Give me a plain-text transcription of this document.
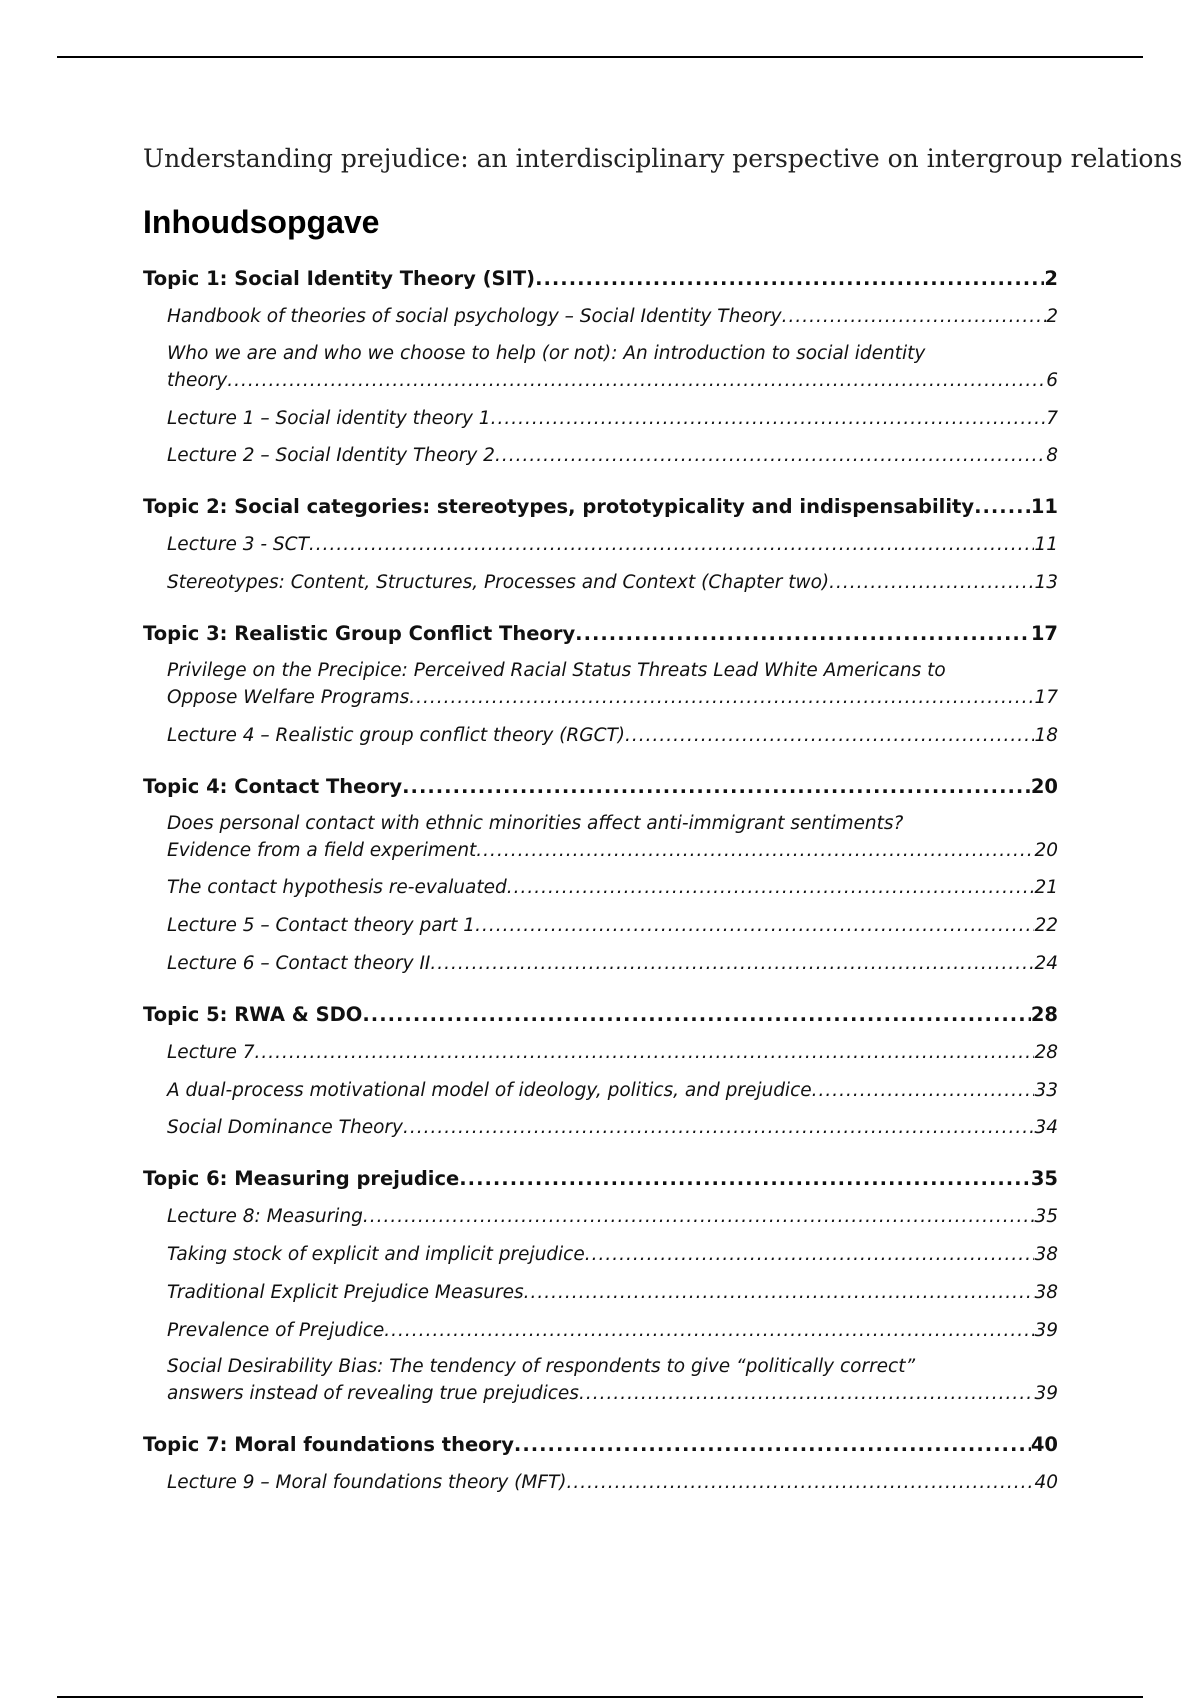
Understanding prejudice: an interdisciplinary perspective on intergroup relations
Inhoudsopgave
Topic 1: Social Identity Theory (SIT) .....	2
Handbook of theories of social psychology – Social Identity Theory .....	2
Who we are and who we choose to help (or not): An introduction to social identity
theory .....	6
Lecture 1 – Social identity theory 1 .....	7
Lecture 2 – Social Identity Theory 2 .....	8
Topic 2: Social categories: stereotypes, prototypicality and indispensability .....	11
Lecture 3 - SCT .....	11
Stereotypes: Content, Structures, Processes and Context (Chapter two) .....	13
Topic 3: Realistic Group Conflict Theory .....	17
Privilege on the Precipice: Perceived Racial Status Threats Lead White Americans to
Oppose Welfare Programs .....	17
Lecture 4 – Realistic group conflict theory (RGCT) .....	18
Topic 4: Contact Theory .....	20
Does personal contact with ethnic minorities affect anti-immigrant sentiments?
Evidence from a field experiment .....	20
The contact hypothesis re-evaluated .....	21
Lecture 5 – Contact theory part 1 .....	22
Lecture 6 – Contact theory II .....	24
Topic 5: RWA & SDO .....	28
Lecture 7 .....	28
A dual-process motivational model of ideology, politics, and prejudice .....	33
Social Dominance Theory .....	34
Topic 6: Measuring prejudice .....	35
Lecture 8: Measuring .....	35
Taking stock of explicit and implicit prejudice .....	38
Traditional Explicit Prejudice Measures .....	38
Prevalence of Prejudice .....	39
Social Desirability Bias: The tendency of respondents to give “politically correct”
answers instead of revealing true prejudices .....	39
Topic 7: Moral foundations theory .....	40
Lecture 9 – Moral foundations theory (MFT) .....	40
